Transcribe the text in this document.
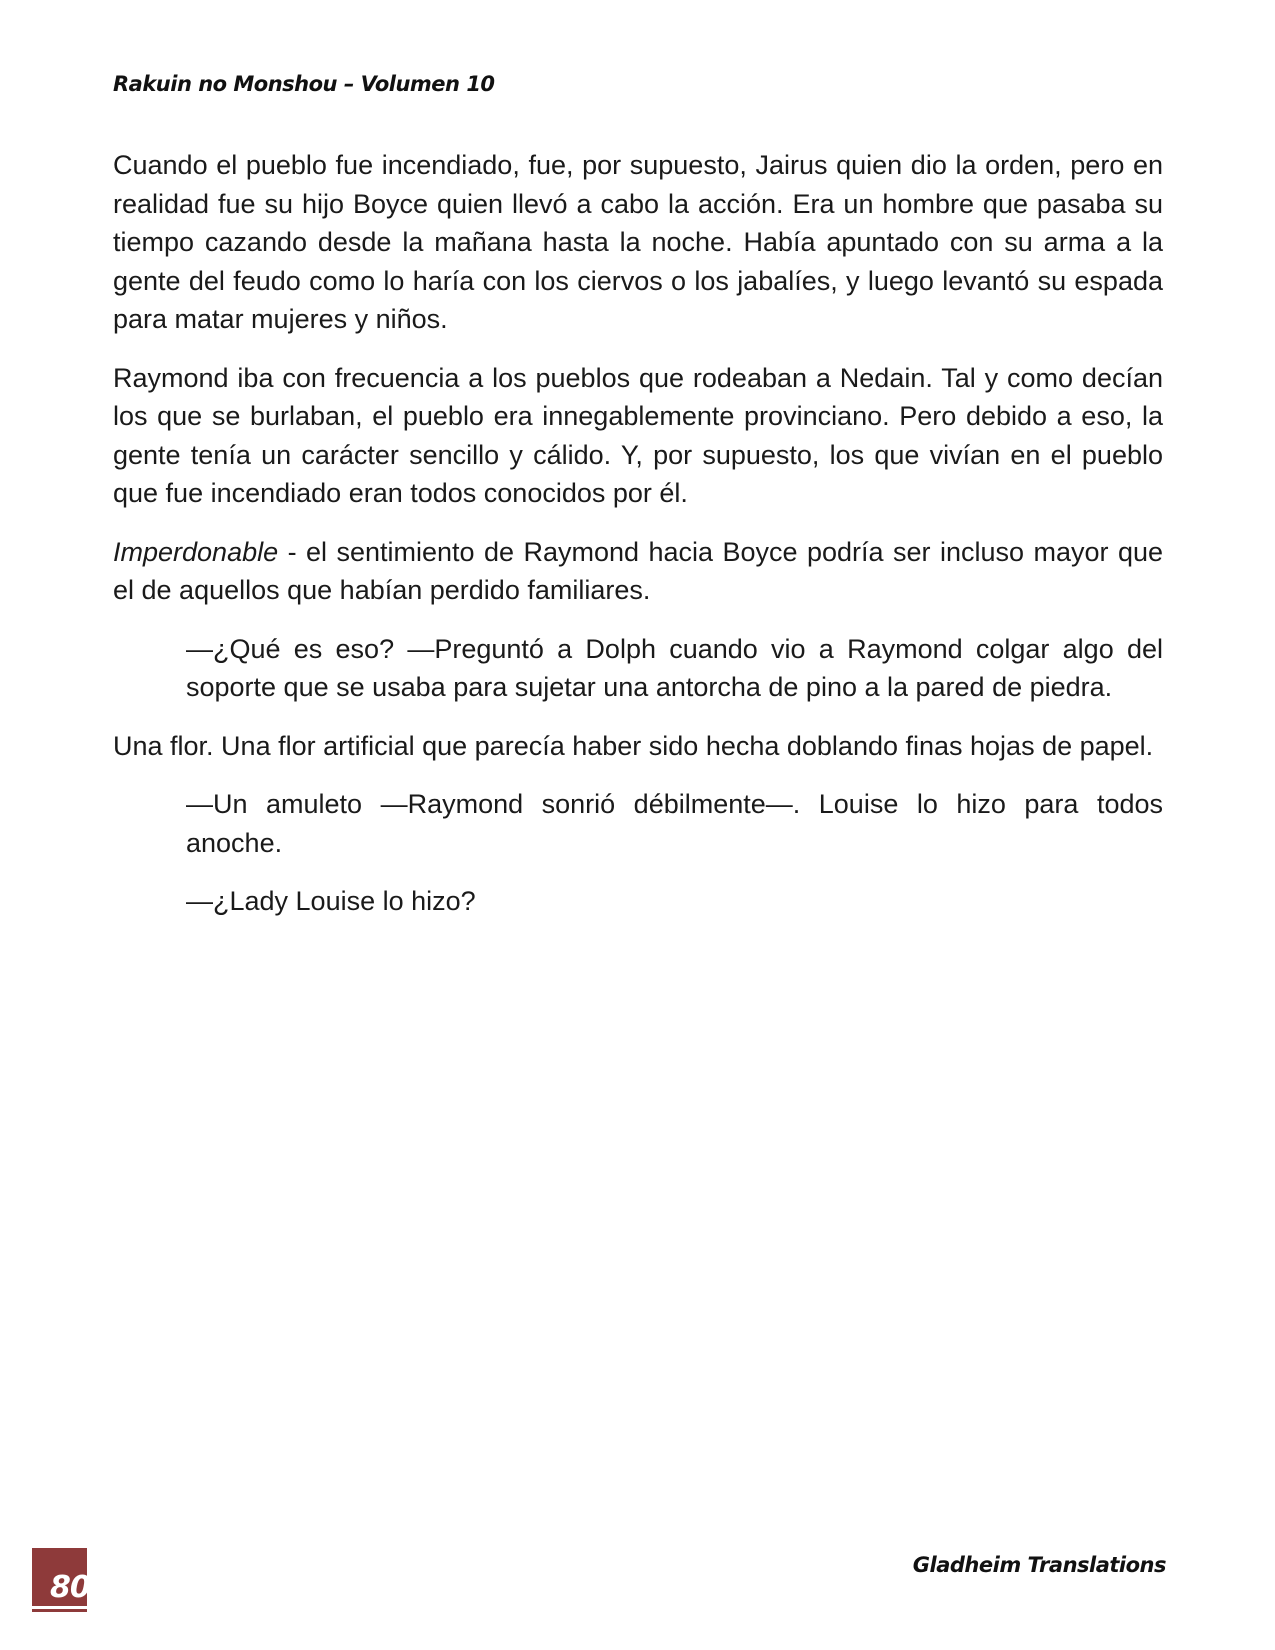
Rakuin no Monshou – Volumen 10

Cuando el pueblo fue incendiado, fue, por supuesto, Jairus quien dio la orden, pero en realidad fue su hijo Boyce quien llevó a cabo la acción. Era un hombre que pasaba su tiempo cazando desde la mañana hasta la noche. Había apuntado con su arma a la gente del feudo como lo haría con los ciervos o los jabalíes, y luego levantó su espada para matar mujeres y niños.

Raymond iba con frecuencia a los pueblos que rodeaban a Nedain. Tal y como decían los que se burlaban, el pueblo era innegablemente provinciano. Pero debido a eso, la gente tenía un carácter sencillo y cálido. Y, por supuesto, los que vivían en el pueblo que fue incendiado eran todos conocidos por él.

Imperdonable - el sentimiento de Raymond hacia Boyce podría ser incluso mayor que el de aquellos que habían perdido familiares.

—¿Qué es eso? —Preguntó a Dolph cuando vio a Raymond colgar algo del soporte que se usaba para sujetar una antorcha de pino a la pared de piedra.

Una flor. Una flor artificial que parecía haber sido hecha doblando finas hojas de papel.

—Un amuleto —Raymond sonrió débilmente—. Louise lo hizo para todos anoche.

—¿Lady Louise lo hizo?

80
Gladheim Translations
